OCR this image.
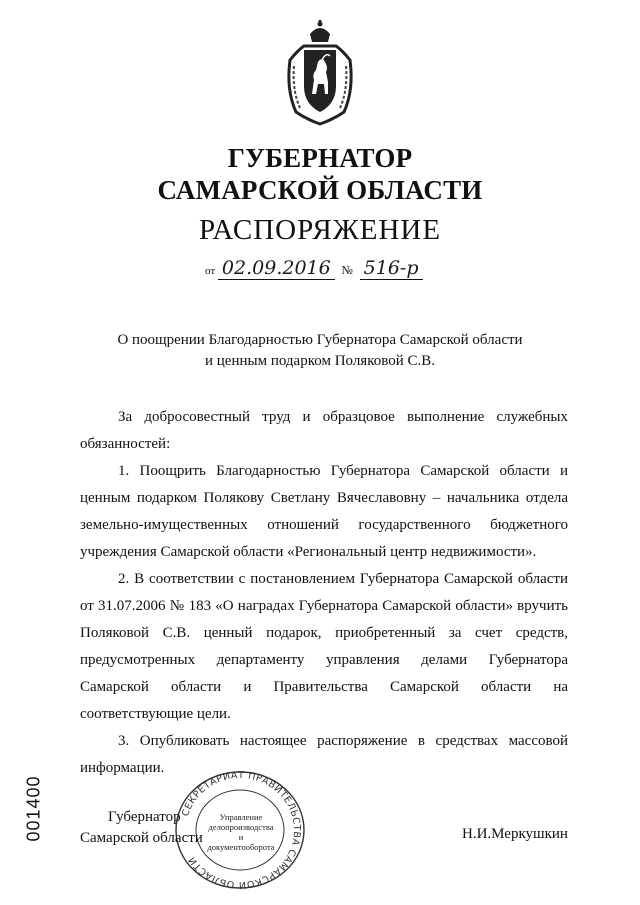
ГУБЕРНАТОР
САМАРСКОЙ ОБЛАСТИ
РАСПОРЯЖЕНИЕ
от 02.09.2016 № 516-р
О поощрении Благодарностью Губернатора Самарской области
и ценным подарком Поляковой С.В.

За добросовестный труд и образцовое выполнение служебных обязанностей:

1. Поощрить Благодарностью Губернатора Самарской области и ценным подарком Полякову Светлану Вячеславовну – начальника отдела земельно-имущественных отношений государственного бюджетного учреждения Самарской области «Региональный центр недвижимости».

2. В соответствии с постановлением Губернатора Самарской области от 31.07.2006 № 183 «О наградах Губернатора Самарской области» вручить Поляковой С.В. ценный подарок, приобретенный за счет средств, предусмотренных департаменту управления делами Губернатора Самарской области и Правительства Самарской области на соответствующие цели.

3. Опубликовать настоящее распоряжение в средствах массовой информации.

СЕКРЕТАРИАТ ПРАВИТЕЛЬСТВА САМАРСКОЙ ОБЛАСТИ
Управление
делопроизводства
и документооборота
Губернатор
Самарской области	Н.И.Меркушкин
001400
